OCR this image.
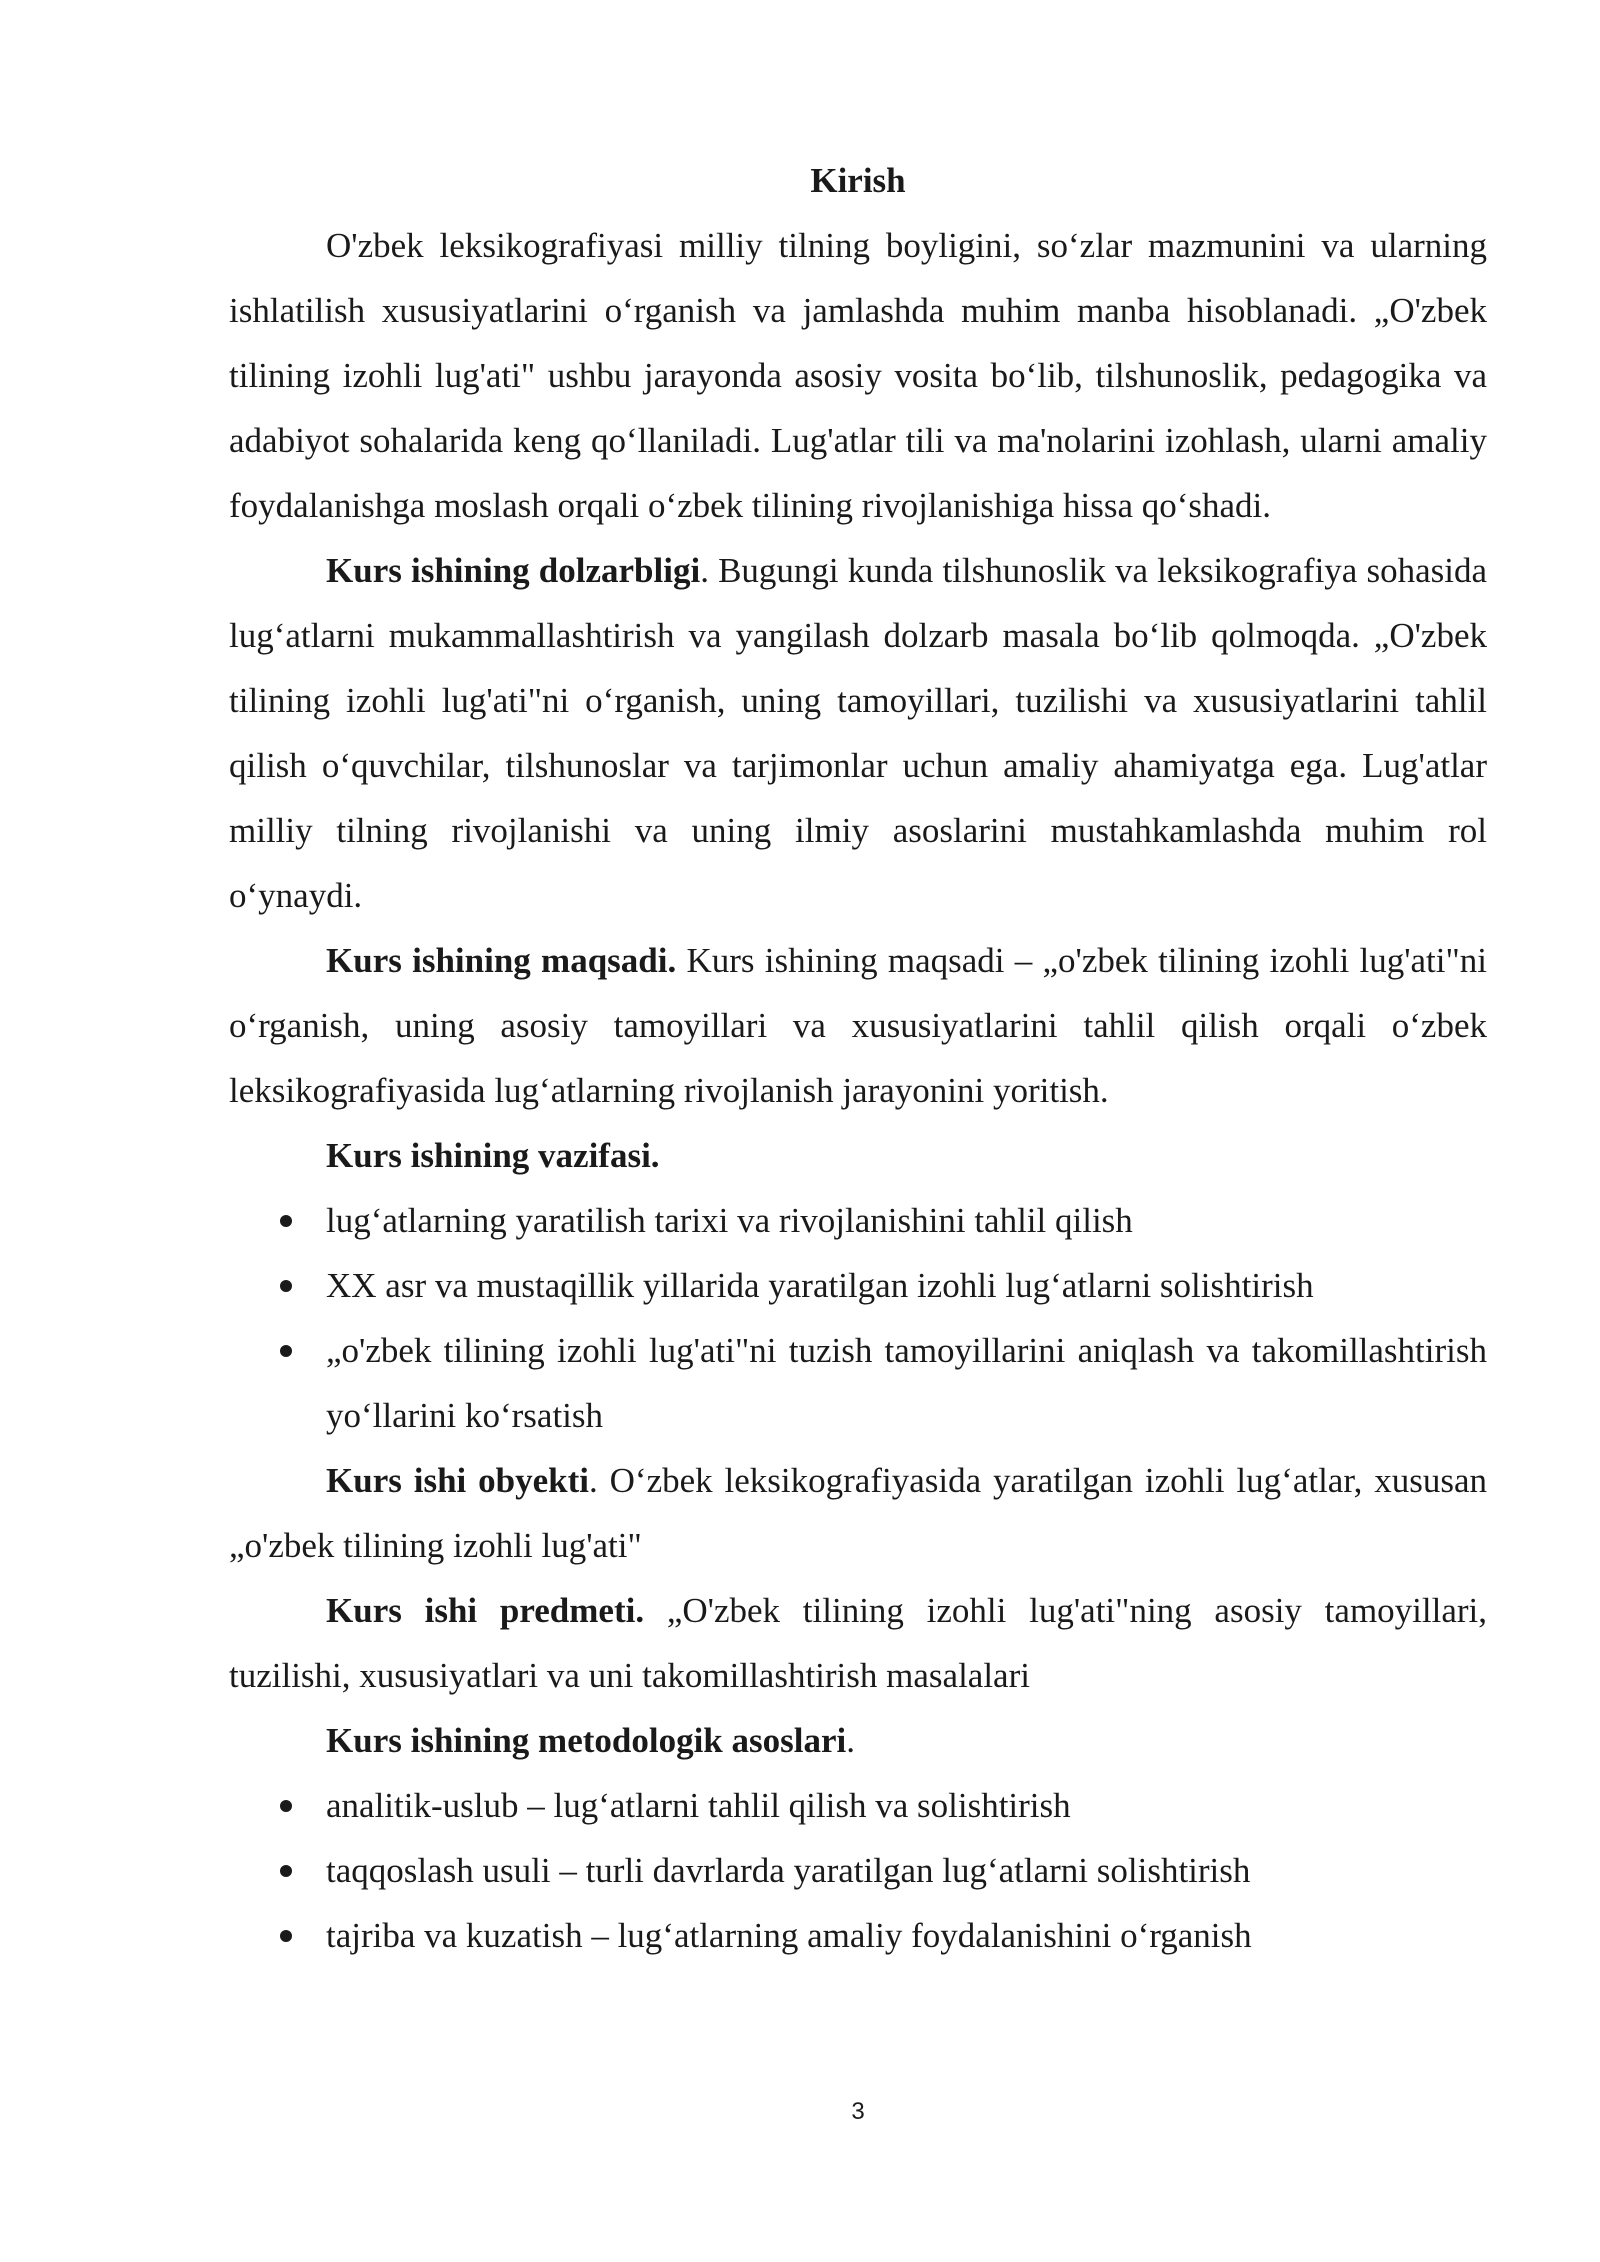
Kirish

O'zbek leksikografiyasi milliy tilning boyligini, so‘zlar mazmunini va ularning ishlatilish xususiyatlarini o‘rganish va jamlashda muhim manba hisoblanadi. „O'zbek tilining izohli lug'ati" ushbu jarayonda asosiy vosita bo‘lib, tilshunoslik, pedagogika va adabiyot sohalarida keng qo‘llaniladi. Lug'atlar tili va ma'nolarini izohlash, ularni amaliy foydalanishga moslash orqali o‘zbek tilining rivojlanishiga hissa qo‘shadi.

Kurs ishining dolzarbligi. Bugungi kunda tilshunoslik va leksikografiya sohasida lug‘atlarni mukammallashtirish va yangilash dolzarb masala bo‘lib qolmoqda. „O'zbek tilining izohli lug'ati"ni o‘rganish, uning tamoyillari, tuzilishi va xususiyatlarini tahlil qilish o‘quvchilar, tilshunoslar va tarjimonlar uchun amaliy ahamiyatga ega. Lug'atlar milliy tilning rivojlanishi va uning ilmiy asoslarini mustahkamlashda muhim rol o‘ynaydi.

Kurs ishining maqsadi. Kurs ishining maqsadi – „o'zbek tilining izohli lug'ati"ni o‘rganish, uning asosiy tamoyillari va xususiyatlarini tahlil qilish orqali o‘zbek leksikografiyasida lug‘atlarning rivojlanish jarayonini yoritish.

Kurs ishining vazifasi.

lug‘atlarning yaratilish tarixi va rivojlanishini tahlil qilish
XX asr va mustaqillik yillarida yaratilgan izohli lug‘atlarni solishtirish
„o'zbek tilining izohli lug'ati"ni tuzish tamoyillarini aniqlash va takomillashtirish yo‘llarini ko‘rsatish

Kurs ishi obyekti. O‘zbek leksikografiyasida yaratilgan izohli lug‘atlar, xususan „o'zbek tilining izohli lug'ati"

Kurs ishi predmeti. „O'zbek tilining izohli lug'ati"ning asosiy tamoyillari, tuzilishi, xususiyatlari va uni takomillashtirish masalalari

Kurs ishining metodologik asoslari.

analitik-uslub – lug‘atlarni tahlil qilish va solishtirish
taqqoslash usuli – turli davrlarda yaratilgan lug‘atlarni solishtirish
tajriba va kuzatish – lug‘atlarning amaliy foydalanishini o‘rganish
3
